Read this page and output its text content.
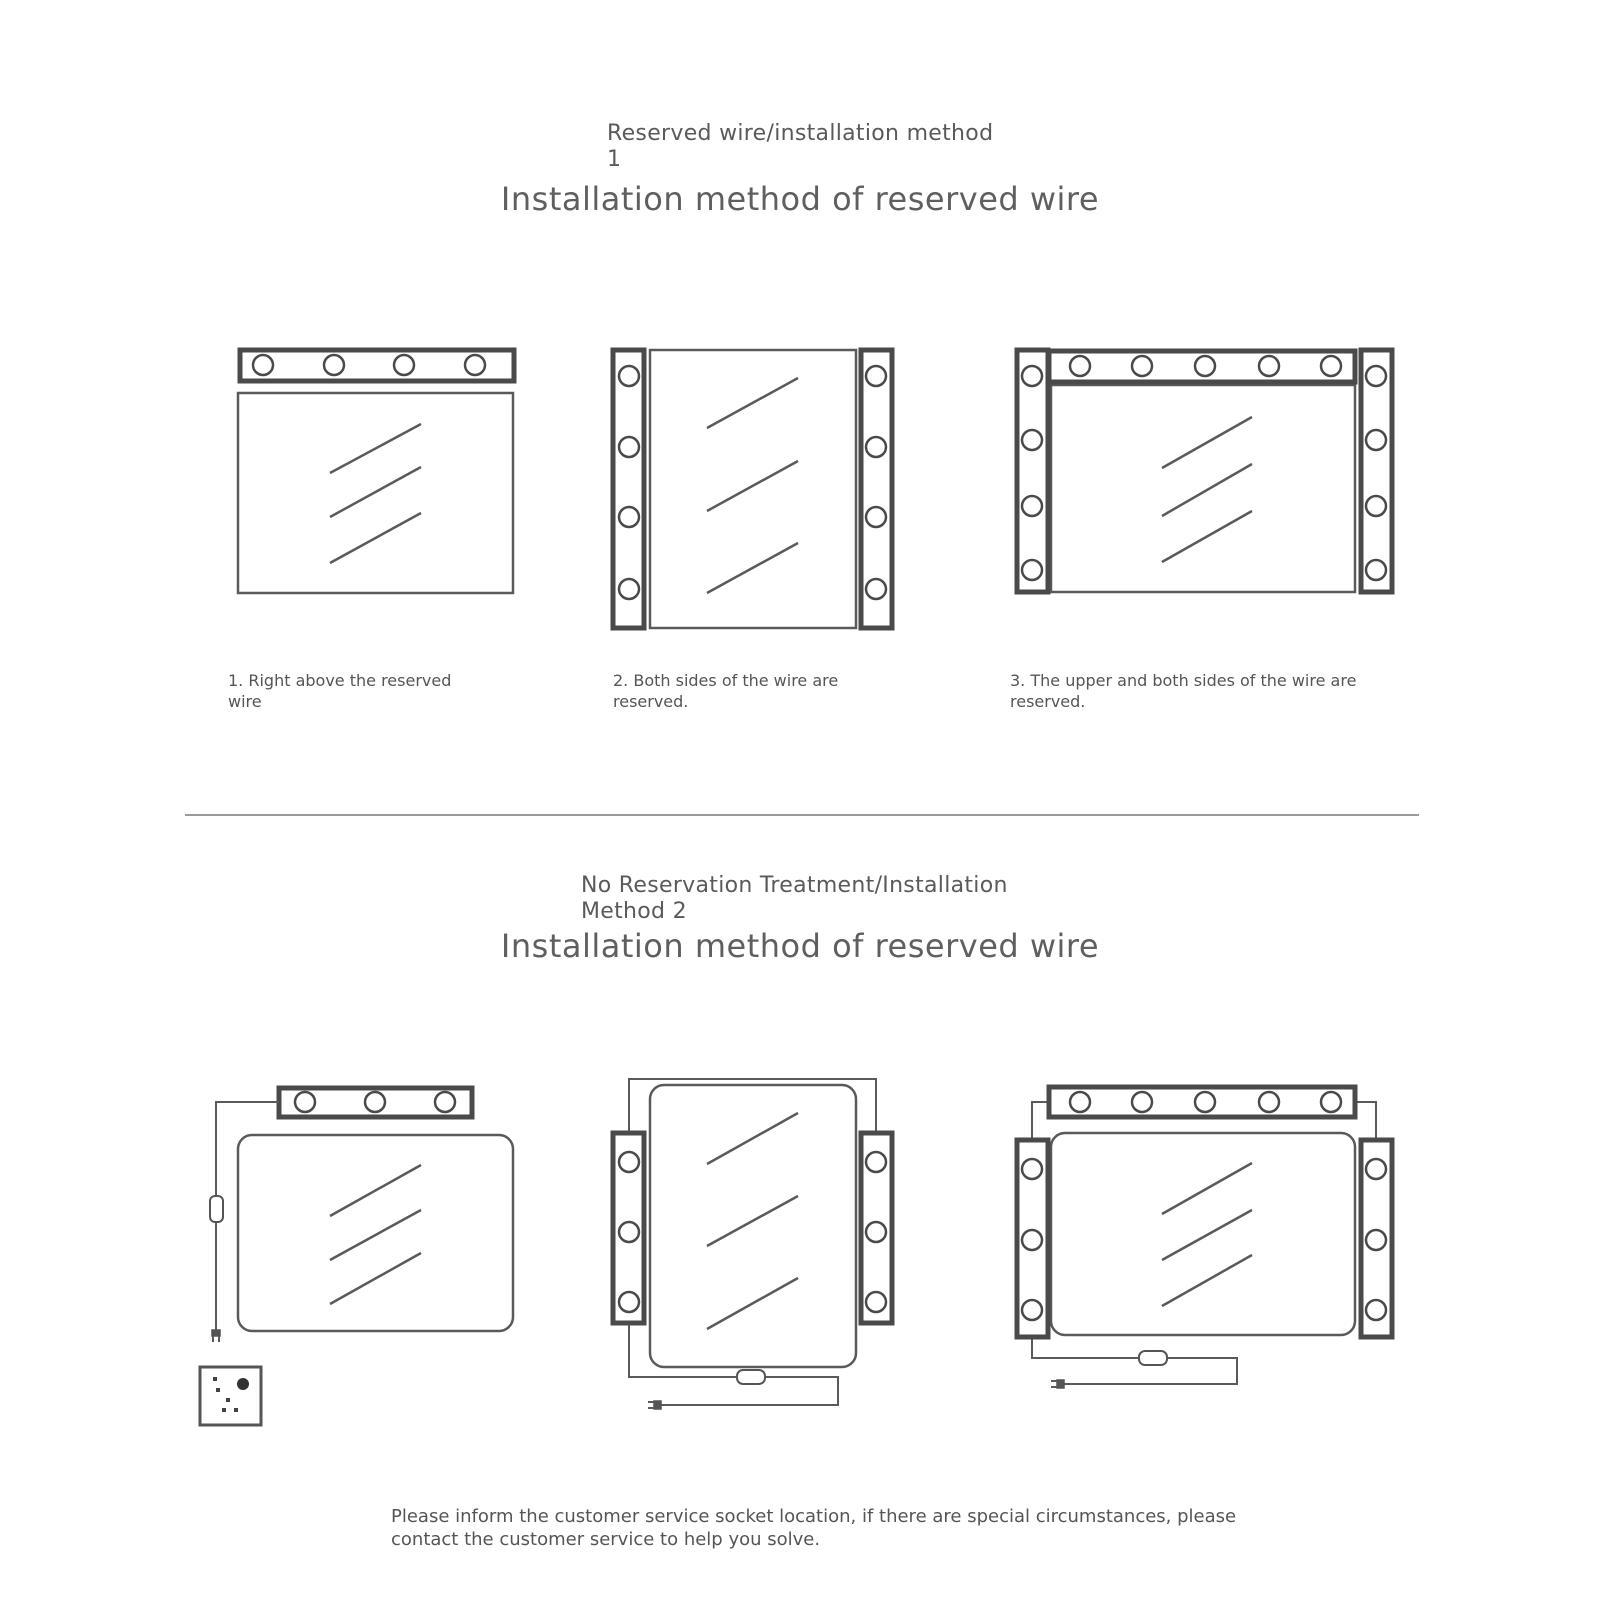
Reserved wire/installation method
1
Installation method of reserved wire
1. Right above the reserved
wire
2. Both sides of the wire are
reserved.
3. The upper and both sides of the wire are
reserved.
No Reservation Treatment/Installation
Method 2
Installation method of reserved wire
Please inform the customer service socket location, if there are special circumstances, please
contact the customer service to help you solve.
